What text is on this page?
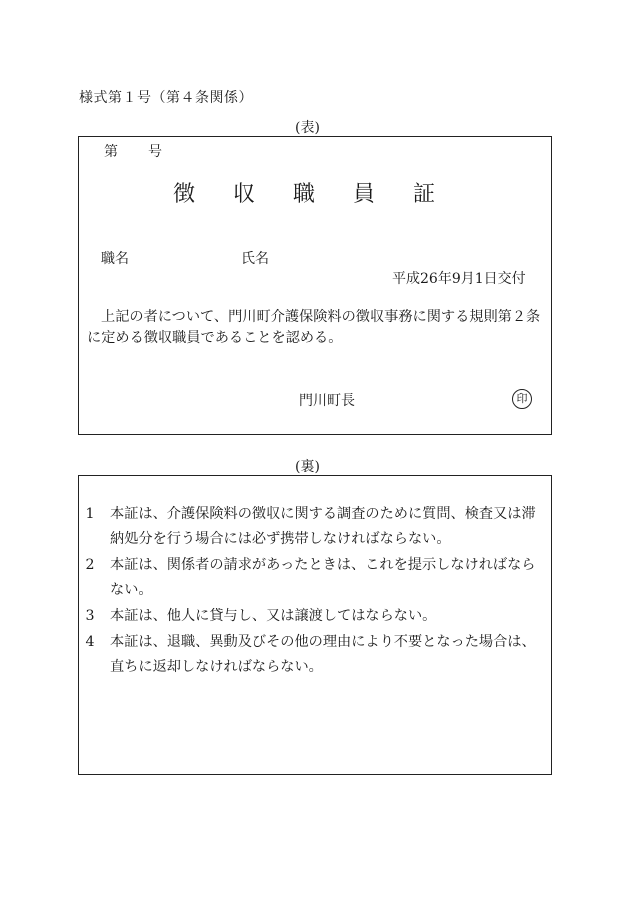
様式第１号（第４条関係）
(表)
第 号
徴収職員証
職名	氏名
平成26年9月1日交付
上記の者について、門川町介護保険料の徴収事務に関する規則第２条に定める徴収職員であることを認める。
門川町長	印
(裏)
1 本証は、介護保険料の徴収に関する調査のために質問、検査又は滞納処分を行う場合には必ず携帯しなければならない。
2 本証は、関係者の請求があったときは、これを提示しなければならない。
3 本証は、他人に貸与し、又は譲渡してはならない。
4 本証は、退職、異動及びその他の理由により不要となった場合は、直ちに返却しなければならない。
